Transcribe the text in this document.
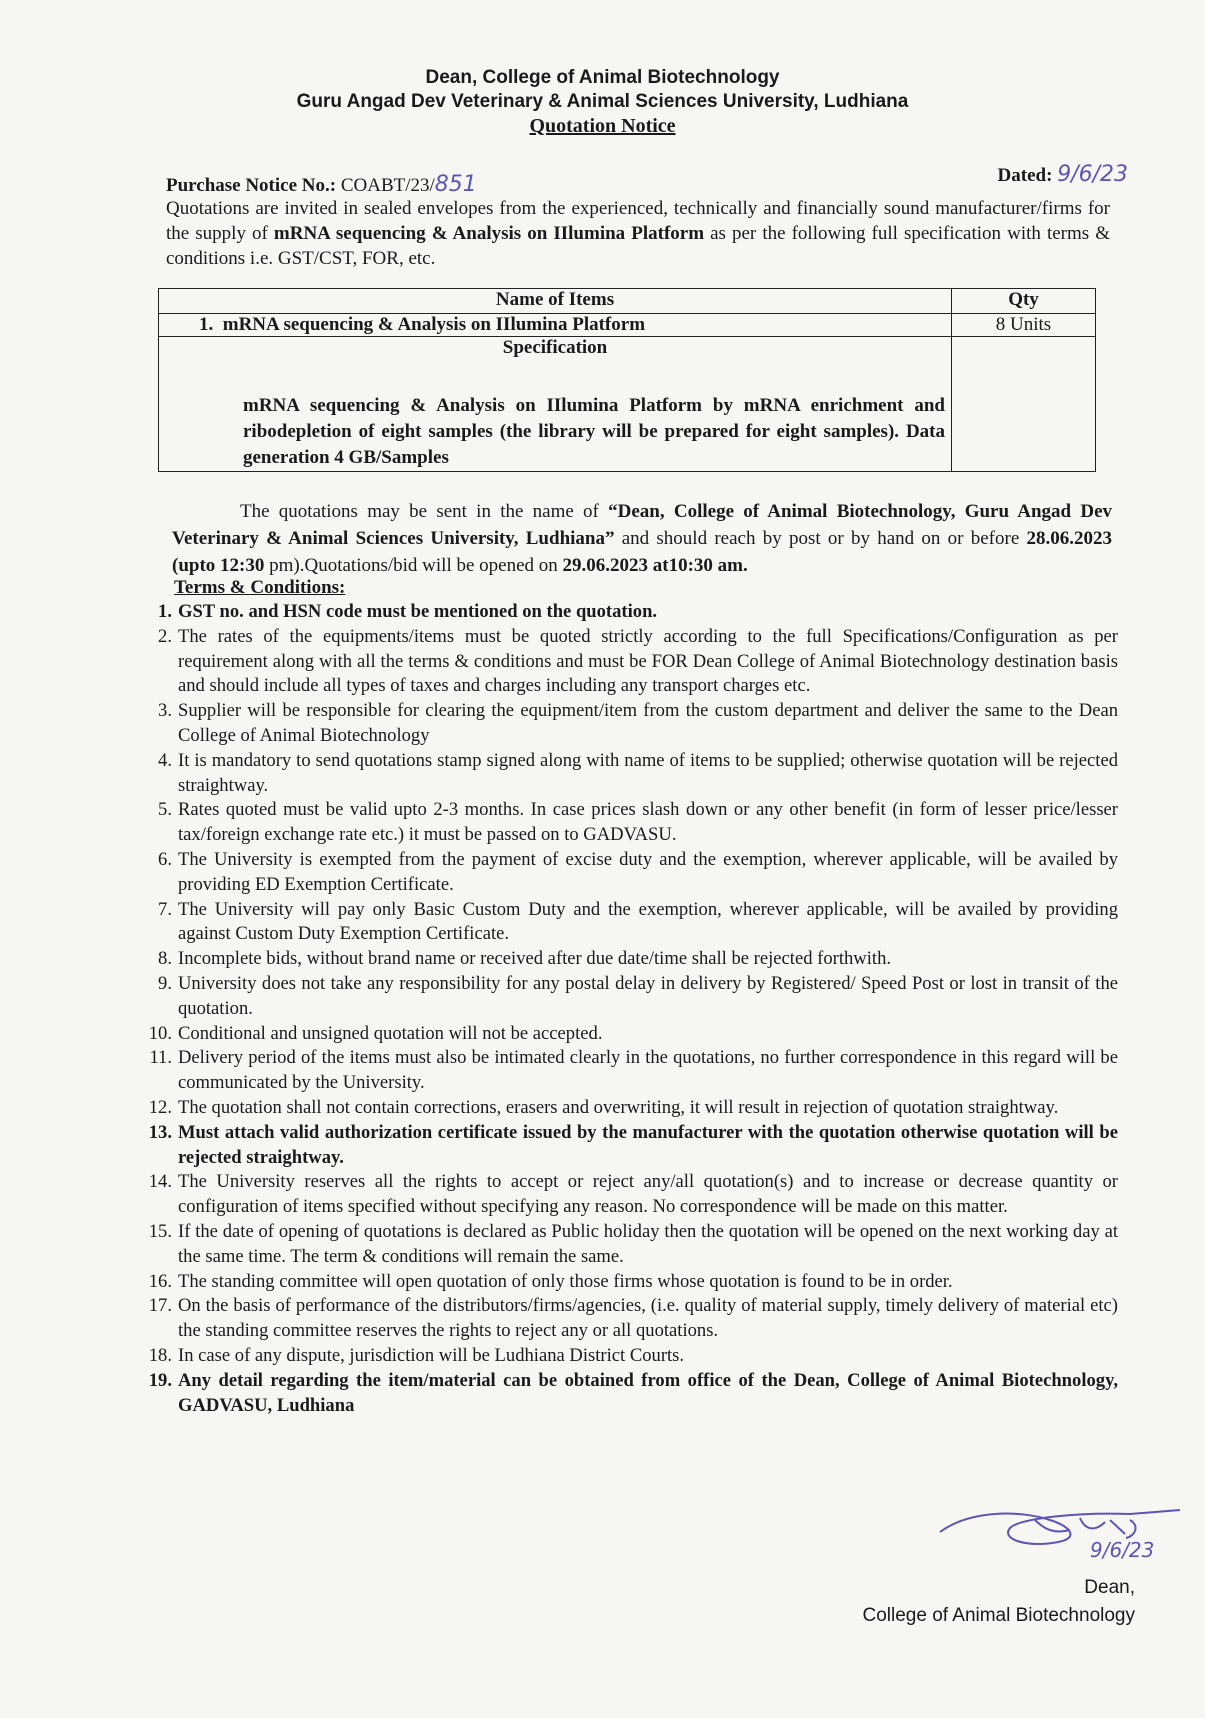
Dean, College of Animal Biotechnology
Guru Angad Dev Veterinary & Animal Sciences University, Ludhiana
Quotation Notice
Purchase Notice No.: COABT/23/851	Dated: 9/6/23
Quotations are invited in sealed envelopes from the experienced, technically and financially sound manufacturer/firms for the supply of mRNA sequencing & Analysis on IIlumina Platform as per the following full specification with terms & conditions i.e. GST/CST, FOR, etc.
Name of Items	Qty
1. mRNA sequencing & Analysis on IIlumina Platform	8 Units

Specification
mRNA sequencing & Analysis on IIlumina Platform by mRNA enrichment and ribodepletion of eight samples (the library will be prepared for eight samples). Data generation 4 GB/Samples	

The quotations may be sent in the name of “Dean, College of Animal Biotechnology, Guru Angad Dev Veterinary & Animal Sciences University, Ludhiana” and should reach by post or by hand on or before 28.06.2023 (upto 12:30 pm).Quotations/bid will be opened on 29.06.2023 at10:30 am.
Terms & Conditions:
1. GST no. and HSN code must be mentioned on the quotation.
2. The rates of the equipments/items must be quoted strictly according to the full Specifications/Configuration as per requirement along with all the terms & conditions and must be FOR Dean College of Animal Biotechnology destination basis and should include all types of taxes and charges including any transport charges etc.
3. Supplier will be responsible for clearing the equipment/item from the custom department and deliver the same to the Dean College of Animal Biotechnology
4. It is mandatory to send quotations stamp signed along with name of items to be supplied; otherwise quotation will be rejected straightway.
5. Rates quoted must be valid upto 2-3 months. In case prices slash down or any other benefit (in form of lesser price/lesser tax/foreign exchange rate etc.) it must be passed on to GADVASU.
6. The University is exempted from the payment of excise duty and the exemption, wherever applicable, will be availed by providing ED Exemption Certificate.
7. The University will pay only Basic Custom Duty and the exemption, wherever applicable, will be availed by providing against Custom Duty Exemption Certificate.
8. Incomplete bids, without brand name or received after due date/time shall be rejected forthwith.
9. University does not take any responsibility for any postal delay in delivery by Registered/ Speed Post or lost in transit of the quotation.
10. Conditional and unsigned quotation will not be accepted.
11. Delivery period of the items must also be intimated clearly in the quotations, no further correspondence in this regard will be communicated by the University.
12. The quotation shall not contain corrections, erasers and overwriting, it will result in rejection of quotation straightway.
13. Must attach valid authorization certificate issued by the manufacturer with the quotation otherwise quotation will be rejected straightway.
14. The University reserves all the rights to accept or reject any/all quotation(s) and to increase or decrease quantity or configuration of items specified without specifying any reason. No correspondence will be made on this matter.
15. If the date of opening of quotations is declared as Public holiday then the quotation will be opened on the next working day at the same time. The term & conditions will remain the same.
16. The standing committee will open quotation of only those firms whose quotation is found to be in order.
17. On the basis of performance of the distributors/firms/agencies, (i.e. quality of material supply, timely delivery of material etc) the standing committee reserves the rights to reject any or all quotations.
18. In case of any dispute, jurisdiction will be Ludhiana District Courts.
19. Any detail regarding the item/material can be obtained from office of the Dean, College of Animal Biotechnology, GADVASU, Ludhiana
9/6/23
Dean,
College of Animal Biotechnology
